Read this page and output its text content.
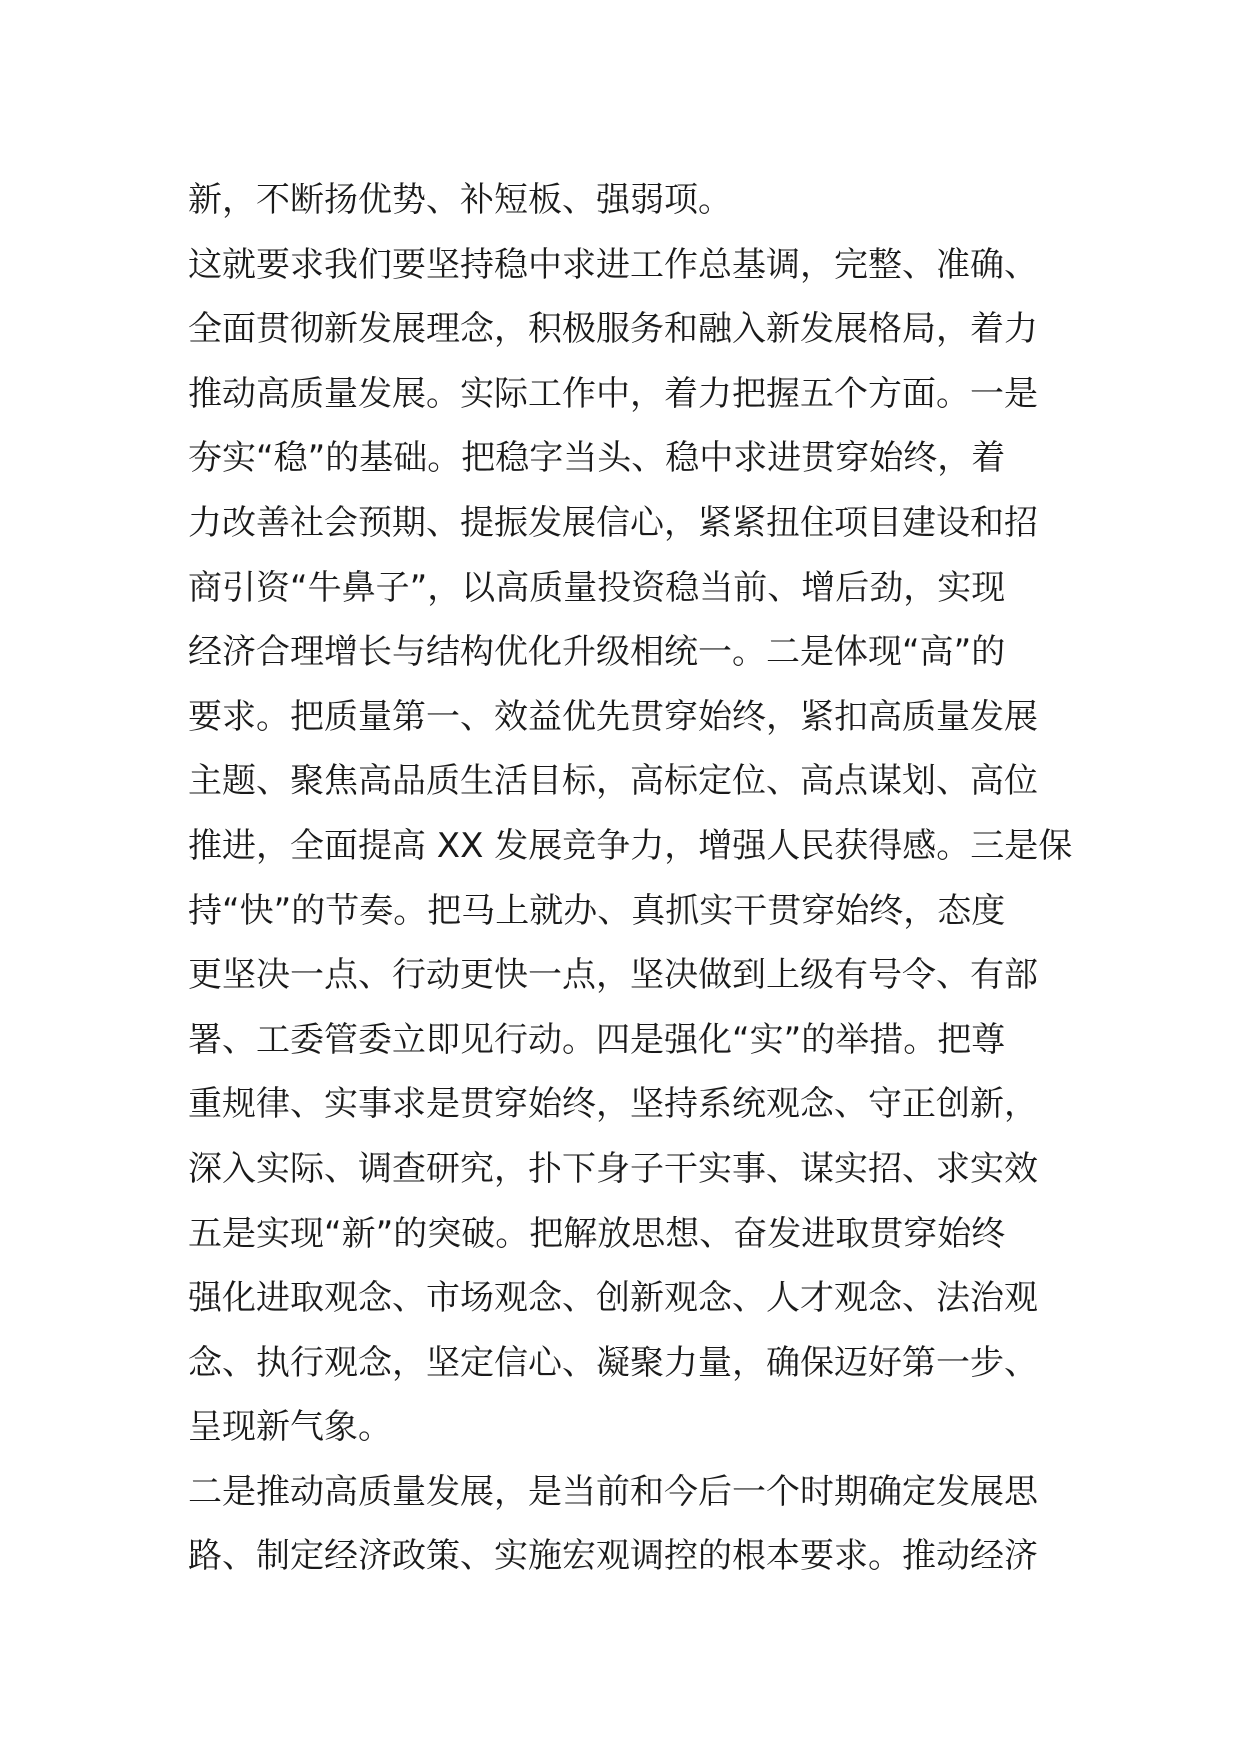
新，不断扬优势、补短板、强弱项。
这就要求我们要坚持稳中求进工作总基调，完整、准确、
全面贯彻新发展理念，积极服务和融入新发展格局，着力
推动高质量发展。实际工作中，着力把握五个方面。一是
夯实“稳”的基础。把稳字当头、稳中求进贯穿始终，着
力改善社会预期、提振发展信心，紧紧扭住项目建设和招
商引资“牛鼻子”，以高质量投资稳当前、增后劲，实现
经济合理增长与结构优化升级相统一。二是体现“高”的
要求。把质量第一、效益优先贯穿始终，紧扣高质量发展
主题、聚焦高品质生活目标，高标定位、高点谋划、高位
推进，全面提高 XX 发展竞争力，增强人民获得感。三是保
持“快”的节奏。把马上就办、真抓实干贯穿始终，态度
更坚决一点、行动更快一点，坚决做到上级有号令、有部
署、工委管委立即见行动。四是强化“实”的举措。把尊
重规律、实事求是贯穿始终，坚持系统观念、守正创新，
深入实际、调查研究，扑下身子干实事、谋实招、求实效
五是实现“新”的突破。把解放思想、奋发进取贯穿始终
强化进取观念、市场观念、创新观念、人才观念、法治观
念、执行观念，坚定信心、凝聚力量，确保迈好第一步、
呈现新气象。
二是推动高质量发展，是当前和今后一个时期确定发展思
路、制定经济政策、实施宏观调控的根本要求。推动经济
